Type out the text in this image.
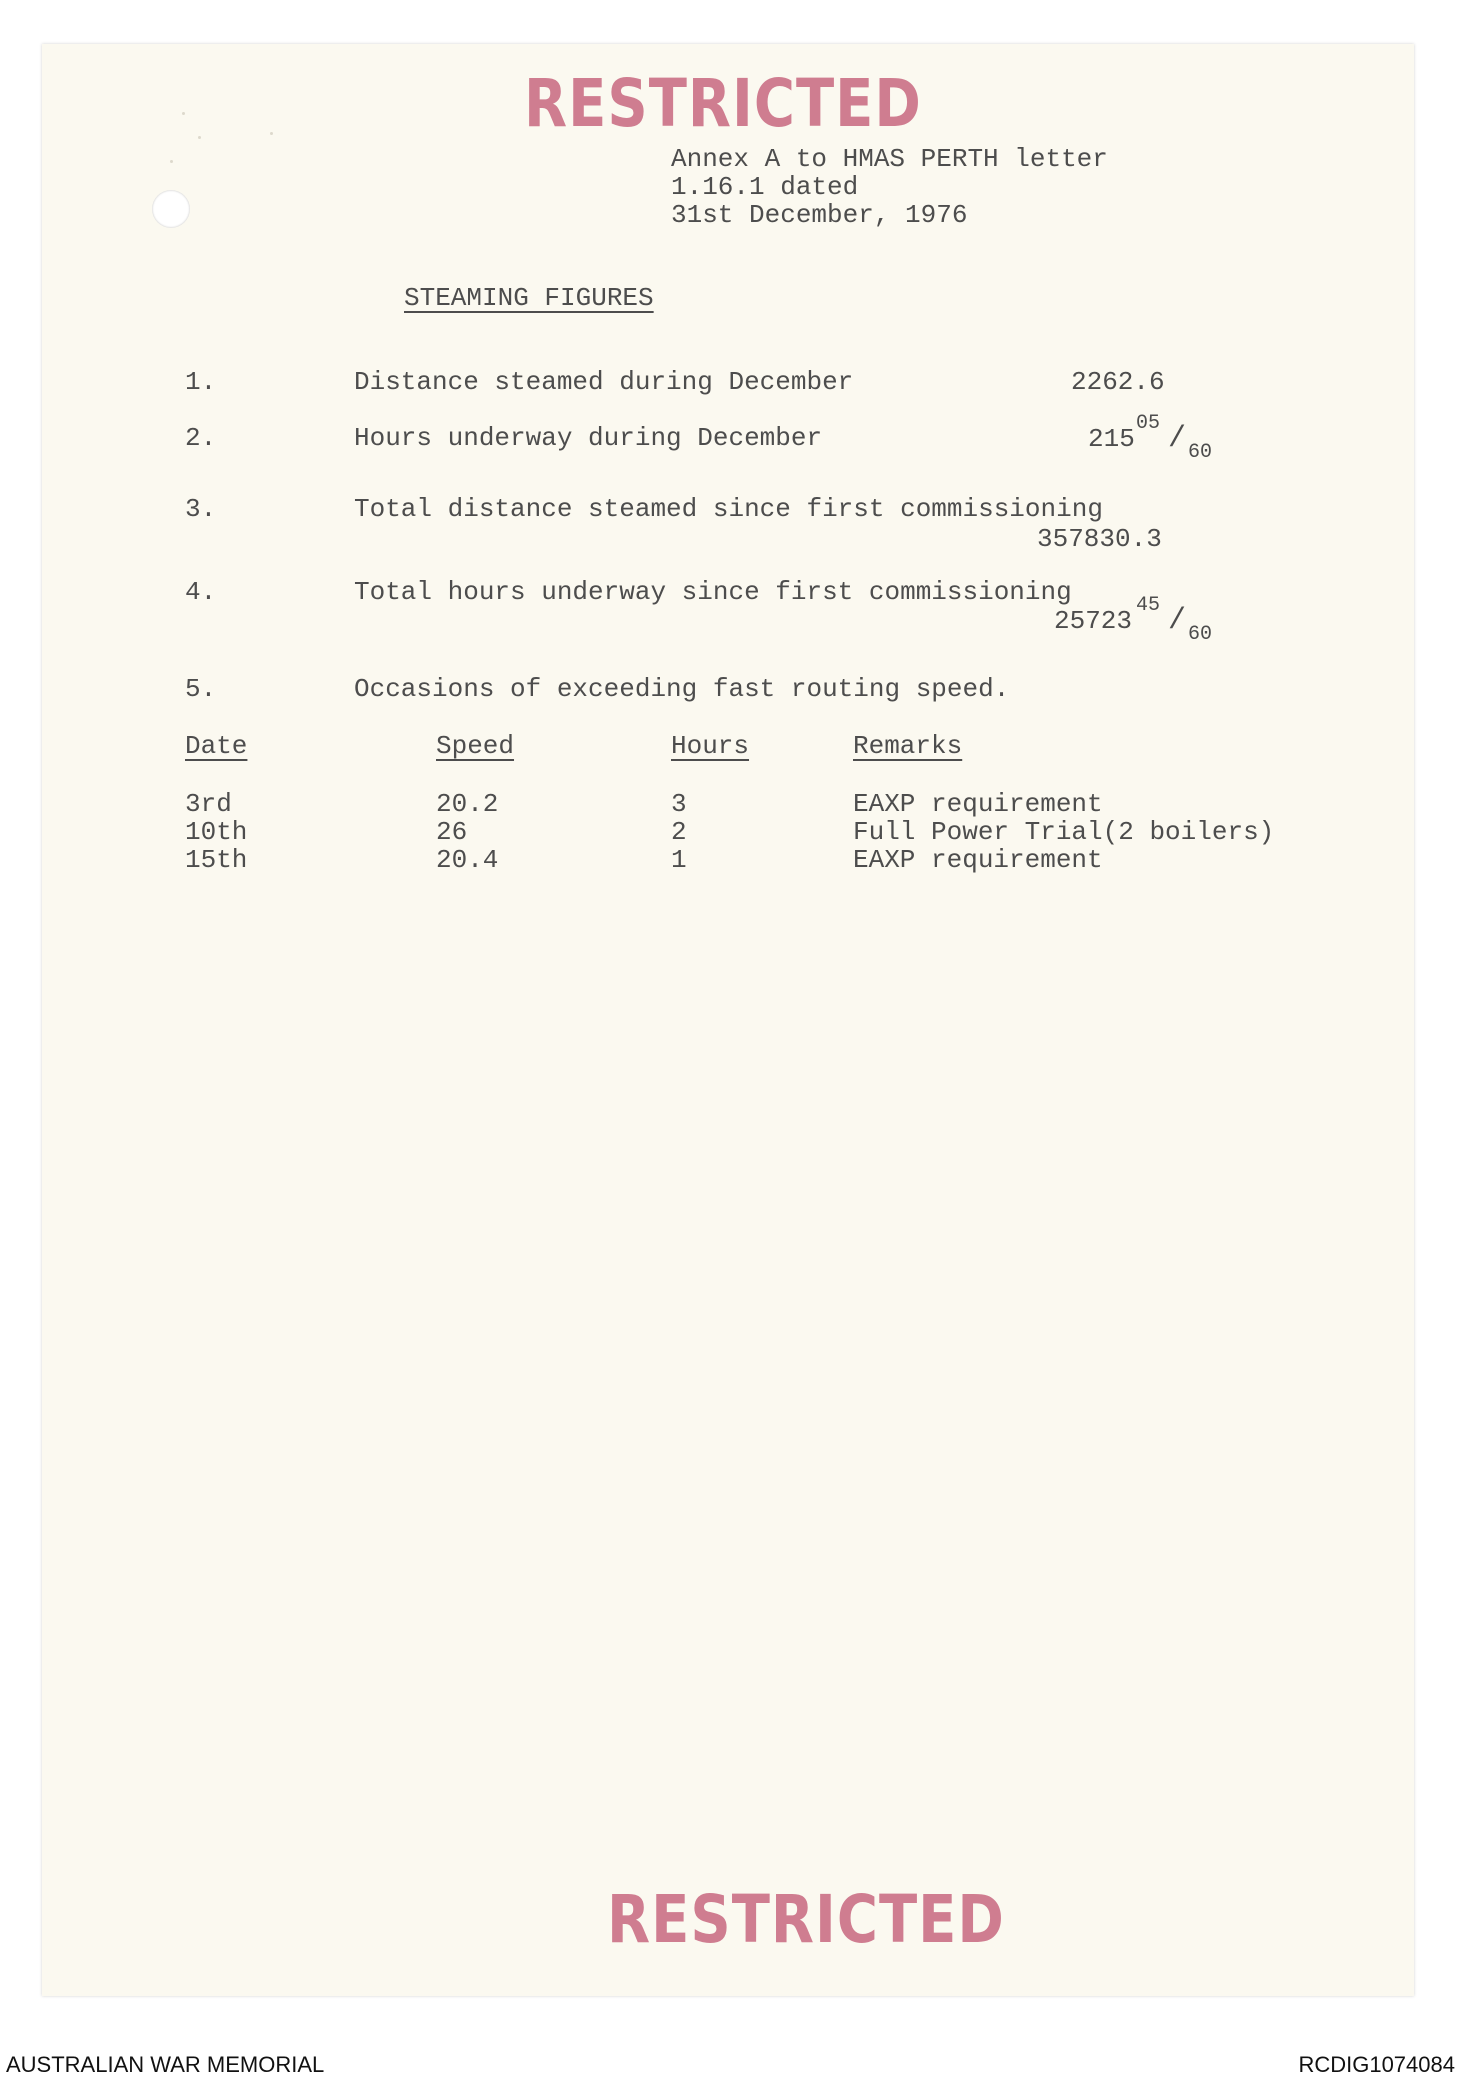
RESTRICTED
Annex A to HMAS PERTH letter
1.16.1 dated
31st December, 1976
STEAMING FIGURES
1.	Distance steamed during December	2262.6
2.	Hours underway during December	215
05 / 60
3.	Total distance steamed since first commissioning
357830.3
4.	Total hours underway since first commissioning
25723
45 / 60
5.	Occasions of exceeding fast routing speed.
Date	Speed	Hours	Remarks
3rd	20.2	3	EAXP requirement
10th	26	2	Full Power Trial(2 boilers)
15th	20.4	1	EAXP requirement
RESTRICTED
AUSTRALIAN WAR MEMORIAL	RCDIG1074084
